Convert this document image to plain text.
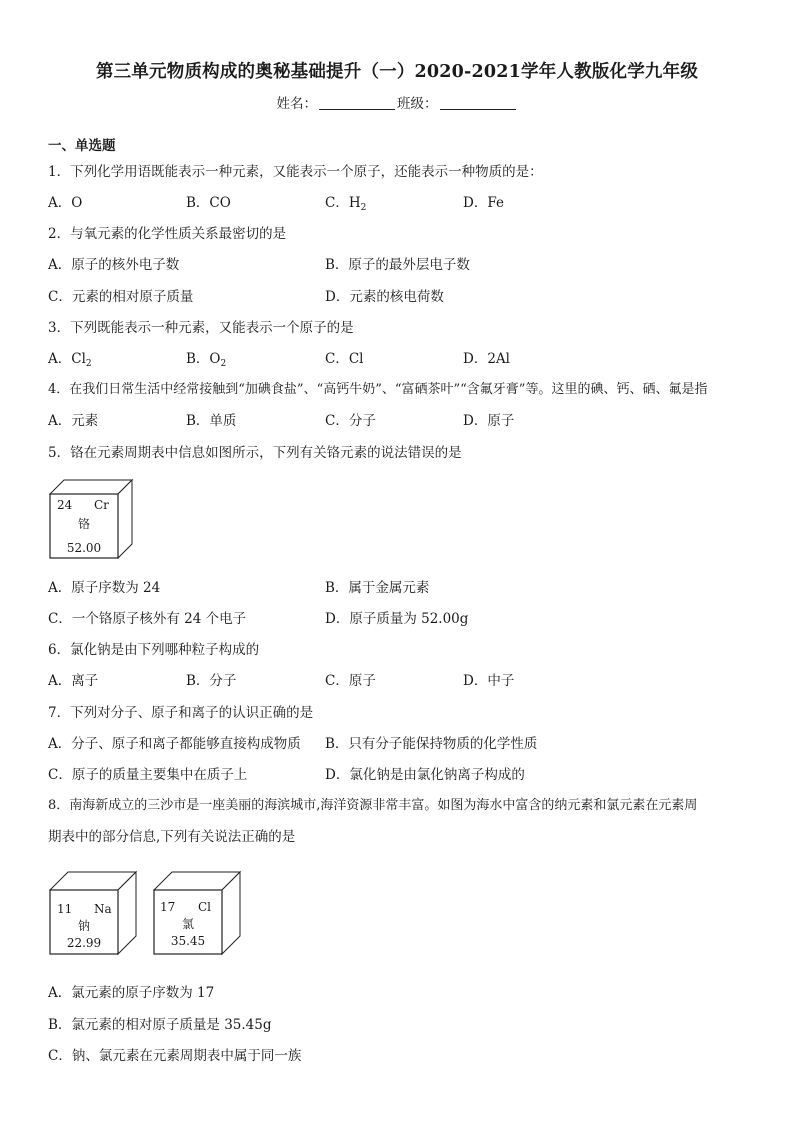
第三单元物质构成的奥秘基础提升（一）2020-2021学年人教版化学九年级
姓名：	班级：
一、单选题
1．下列化学用语既能表示一种元素，又能表示一个原子，还能表示一种物质的是：
A．O	B．CO	C．$H_2$	D．Fe
2．与氧元素的化学性质关系最密切的是
A．原子的核外电子数	B．原子的最外层电子数
C．元素的相对原子质量	D．元素的核电荷数
3．下列既能表示一种元素，又能表示一个原子的是
A．$Cl_2$	B．$O_2$	C．Cl	D．2Al
4．在我们日常生活中经常接触到“加碘食盐”、“高钙牛奶”、“富硒茶叶”“含氟牙膏”等。这里的碘、钙、硒、氟是指
A．元素	B．单质	C．分子	D．原子
5．铬在元素周期表中信息如图所示，下列有关铬元素的说法错误的是
24 Cr
铬
52.00
A．原子序数为 24	B．属于金属元素
C．一个铬原子核外有 24 个电子	D．原子质量为 52.00g
6．氯化钠是由下列哪种粒子构成的
A．离子	B．分子	C．原子	D．中子
7．下列对分子、原子和离子的认识正确的是
A．分子、原子和离子都能够直接构成物质 B．只有分子能保持物质的化学性质
C．原子的质量主要集中在质子上	D．氯化钠是由氯化钠离子构成的
8．南海新成立的三沙市是一座美丽的海滨城市,海洋资源非常丰富。如图为海水中富含的纳元素和氯元素在元素周
期表中的部分信息,下列有关说法正确的是
11 Na
钠
22.99
17 Cl
氯
35.45
A．氯元素的原子序数为 17
B．氯元素的相对原子质量是 35.45g
C．钠、氯元素在元素周期表中属于同一族
